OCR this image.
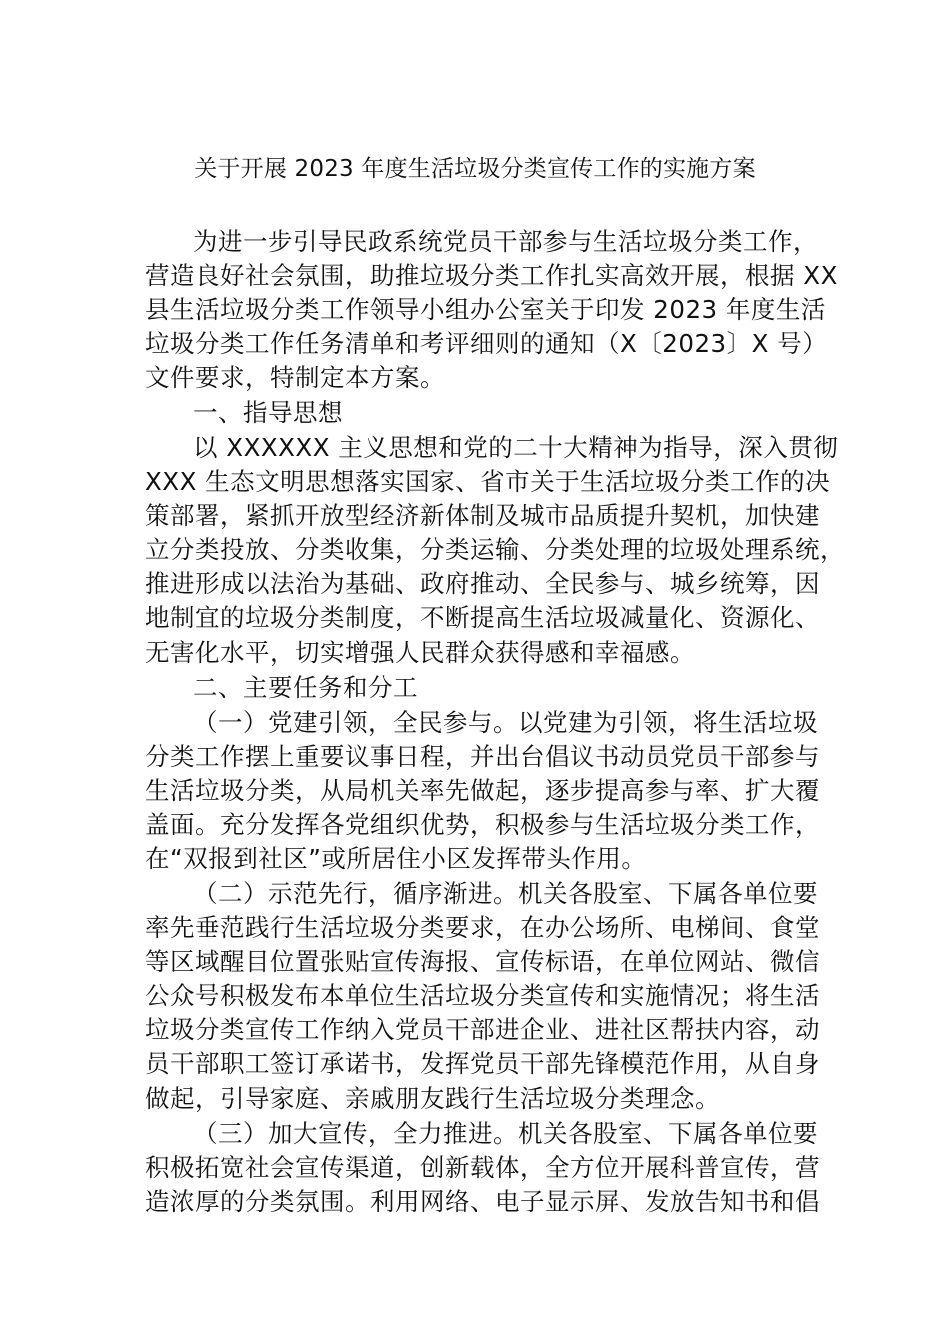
关于开展 2023 年度生活垃圾分类宣传工作的实施方案
为进一步引导民政系统党员干部参与生活垃圾分类工作，
营造良好社会氛围，助推垃圾分类工作扎实高效开展，根据 XX
县生活垃圾分类工作领导小组办公室关于印发 2023 年度生活
垃圾分类工作任务清单和考评细则的通知（X〔2023〕X 号）
文件要求，特制定本方案。
一、指导思想
以 XXXXXX 主义思想和党的二十大精神为指导，深入贯彻
XXX 生态文明思想落实国家、省市关于生活垃圾分类工作的决
策部署，紧抓开放型经济新体制及城市品质提升契机，加快建
立分类投放、分类收集，分类运输、分类处理的垃圾处理系统，
推进形成以法治为基础、政府推动、全民参与、城乡统筹，因
地制宜的垃圾分类制度，不断提高生活垃圾减量化、资源化、
无害化水平，切实增强人民群众获得感和幸福感。
二、主要任务和分工
（一）党建引领，全民参与。以党建为引领，将生活垃圾
分类工作摆上重要议事日程，并出台倡议书动员党员干部参与
生活垃圾分类，从局机关率先做起，逐步提高参与率、扩大覆
盖面。充分发挥各党组织优势，积极参与生活垃圾分类工作，
在“双报到社区”或所居住小区发挥带头作用。
（二）示范先行，循序渐进。机关各股室、下属各单位要
率先垂范践行生活垃圾分类要求，在办公场所、电梯间、食堂
等区域醒目位置张贴宣传海报、宣传标语，在单位网站、微信
公众号积极发布本单位生活垃圾分类宣传和实施情况；将生活
垃圾分类宣传工作纳入党员干部进企业、进社区帮扶内容，动
员干部职工签订承诺书，发挥党员干部先锋模范作用，从自身
做起，引导家庭、亲戚朋友践行生活垃圾分类理念。
（三）加大宣传，全力推进。机关各股室、下属各单位要
积极拓宽社会宣传渠道，创新载体，全方位开展科普宣传，营
造浓厚的分类氛围。利用网络、电子显示屏、发放告知书和倡
